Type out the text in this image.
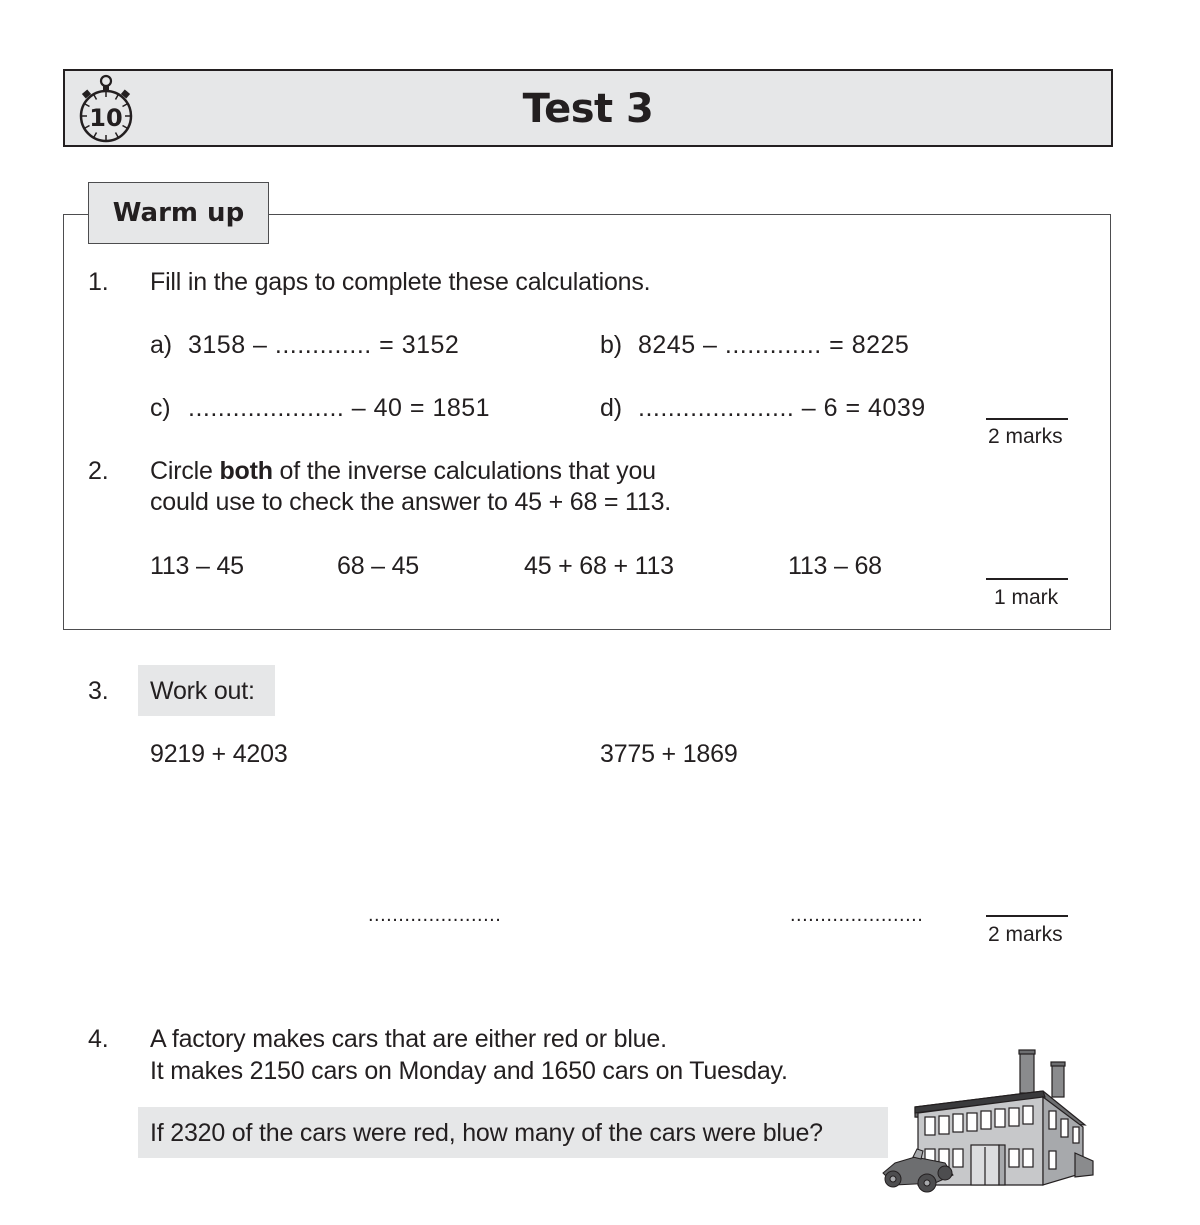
10	Test 3
Warm up
1. Fill in the gaps to complete these calculations.
a) 3158 – ............. = 3152	b) 8245 – ............. = 8225
c) ..................... – 40 = 1851	d) ..................... – 6 = 4039
2 marks
2. Circle both of the inverse calculations that you
could use to check the answer to 45 + 68 = 113.
113 – 45	68 – 45	45 + 68 + 113	113 – 68
1 mark
3. Work out:
9219 + 4203	3775 + 1869
......................	......................
2 marks
4. A factory makes cars that are either red or blue.
It makes 2150 cars on Monday and 1650 cars on Tuesday.
If 2320 of the cars were red, how many of the cars were blue?
